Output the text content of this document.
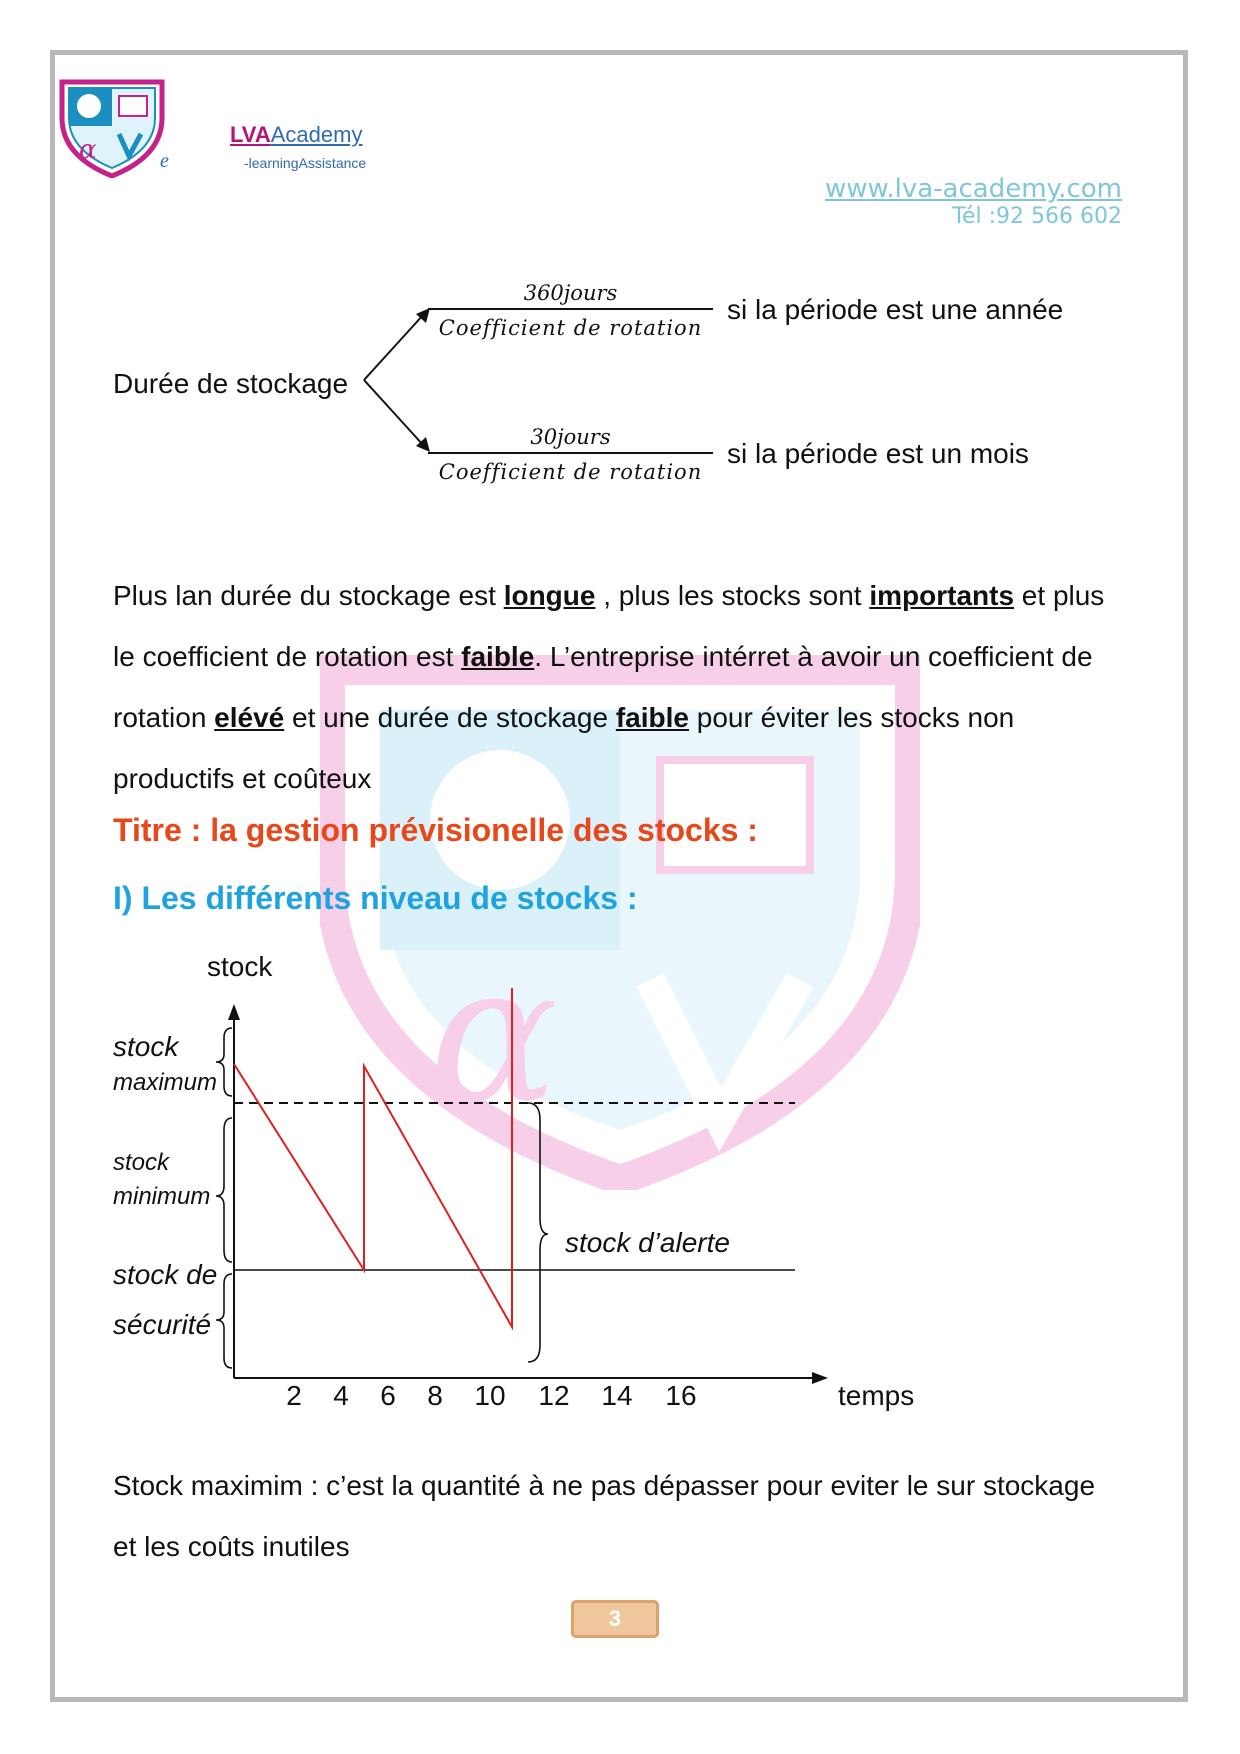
α	e
LVAAcademy
-learningAssistance
www.lva-academy.com
Tél :92 566 602
α
Durée de stockage
360jours
Coefficient de rotation
si la période est une année
30jours
Coefficient de rotation
si la période est un mois
Plus lan durée du stockage est longue , plus les stocks sont importants et plus le coefficient de rotation est faible. L’entreprise intérret à avoir un coefficient de rotation elévé et une durée de stockage faible pour éviter les stocks non productifs et coûteux
Titre : la gestion prévisionelle des stocks :
I) Les différents niveau de stocks :
stock
temps
stock
maximum
stock
minimum
stock de
sécurité
stock d’alerte
2 4 6 8 10 12 14 16
Stock maximim : c’est la quantité à ne pas dépasser pour eviter le sur stockage et les coûts inutiles
3
